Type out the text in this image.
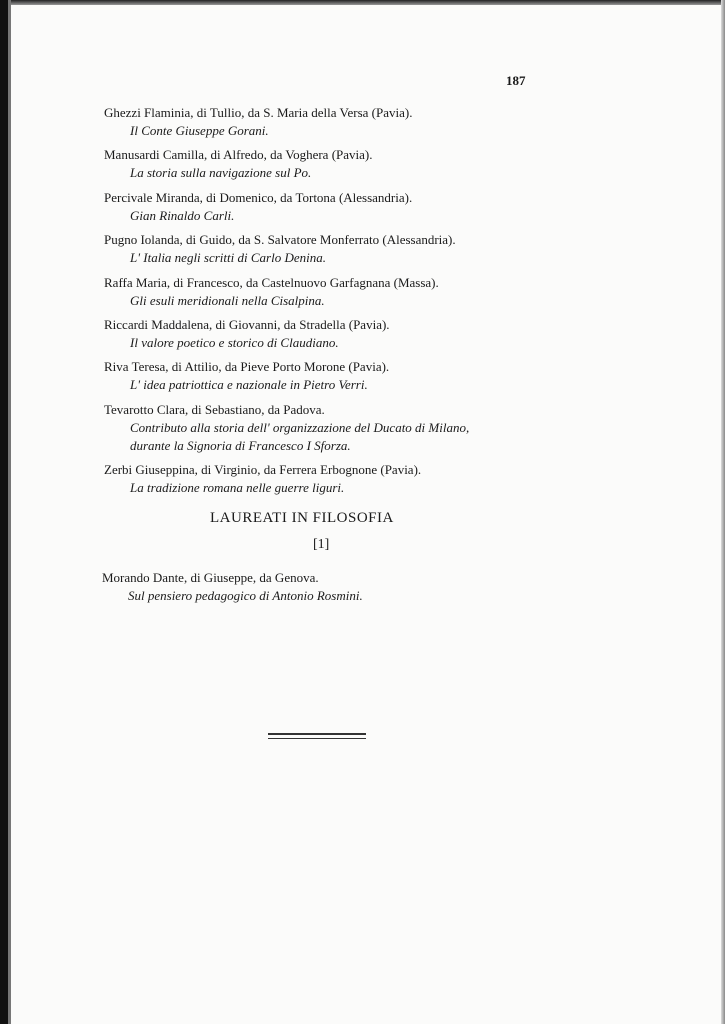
187
Ghezzi Flaminia, di Tullio, da S. Maria della Versa (Pavia).
Il Conte Giuseppe Gorani.
Manusardi Camilla, di Alfredo, da Voghera (Pavia).
La storia sulla navigazione sul Po.
Percivale Miranda, di Domenico, da Tortona (Alessandria).
Gian Rinaldo Carli.
Pugno Iolanda, di Guido, da S. Salvatore Monferrato (Alessandria).
L' Italia negli scritti di Carlo Denina.
Raffa Maria, di Francesco, da Castelnuovo Garfagnana (Massa).
Gli esuli meridionali nella Cisalpina.
Riccardi Maddalena, di Giovanni, da Stradella (Pavia).
Il valore poetico e storico di Claudiano.
Riva Teresa, di Attilio, da Pieve Porto Morone (Pavia).
L' idea patriottica e nazionale in Pietro Verri.
Tevarotto Clara, di Sebastiano, da Padova.
Contributo alla storia dell' organizzazione del Ducato di Milano,
durante la Signoria di Francesco I Sforza.
Zerbi Giuseppina, di Virginio, da Ferrera Erbognone (Pavia).
La tradizione romana nelle guerre liguri.
LAUREATI IN FILOSOFIA
[1]
Morando Dante, di Giuseppe, da Genova.
Sul pensiero pedagogico di Antonio Rosmini.
